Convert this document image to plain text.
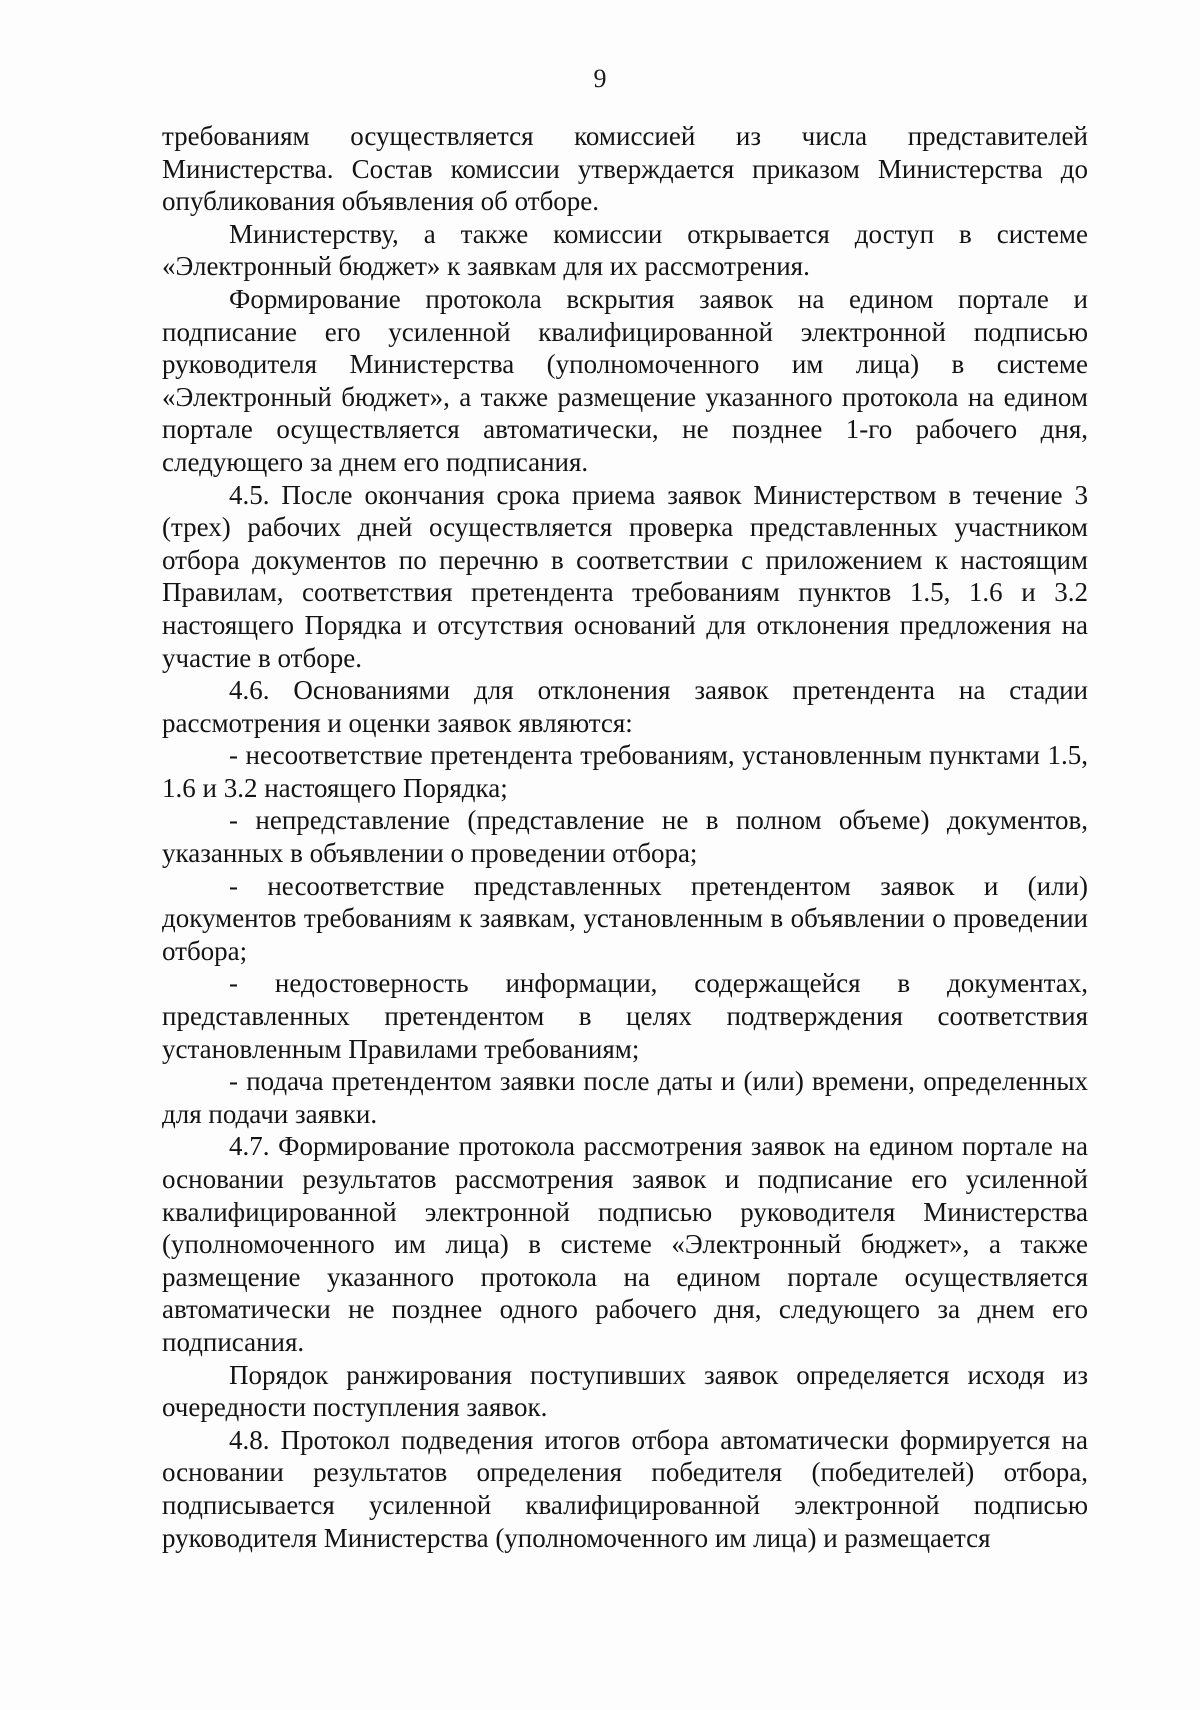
9

требованиям осуществляется комиссией из числа представителей Министерства. Состав комиссии утверждается приказом Министерства до опубликования объявления об отборе.

Министерству, а также комиссии открывается доступ в системе «Электронный бюджет» к заявкам для их рассмотрения.

Формирование протокола вскрытия заявок на едином портале и подписание его усиленной квалифицированной электронной подписью руководителя Министерства (уполномоченного им лица) в системе «Электронный бюджет», а также размещение указанного протокола на едином портале осуществляется автоматически, не позднее 1-го рабочего дня, следующего за днем его подписания.

4.5. После окончания срока приема заявок Министерством в течение 3 (трех) рабочих дней осуществляется проверка представленных участником отбора документов по перечню в соответствии с приложением к настоящим Правилам, соответствия претендента требованиям пунктов 1.5, 1.6 и 3.2 настоящего Порядка и отсутствия оснований для отклонения предложения на участие в отборе.

4.6. Основаниями для отклонения заявок претендента на стадии рассмотрения и оценки заявок являются:

- несоответствие претендента требованиям, установленным пунктами 1.5, 1.6 и 3.2 настоящего Порядка;

- непредставление (представление не в полном объеме) документов, указанных в объявлении о проведении отбора;

- несоответствие представленных претендентом заявок и (или) документов требованиям к заявкам, установленным в объявлении о проведении отбора;

- недостоверность информации, содержащейся в документах, представленных претендентом в целях подтверждения соответствия установленным Правилами требованиям;

- подача претендентом заявки после даты и (или) времени, определенных для подачи заявки.

4.7. Формирование протокола рассмотрения заявок на едином портале на основании результатов рассмотрения заявок и подписание его усиленной квалифицированной электронной подписью руководителя Министерства (уполномоченного им лица) в системе «Электронный бюджет», а также размещение указанного протокола на едином портале осуществляется автоматически не позднее одного рабочего дня, следующего за днем его подписания.

Порядок ранжирования поступивших заявок определяется исходя из очередности поступления заявок.

4.8. Протокол подведения итогов отбора автоматически формируется на основании результатов определения победителя (победителей) отбора, подписывается усиленной квалифицированной электронной подписью руководителя Министерства (уполномоченного им лица) и размещается
